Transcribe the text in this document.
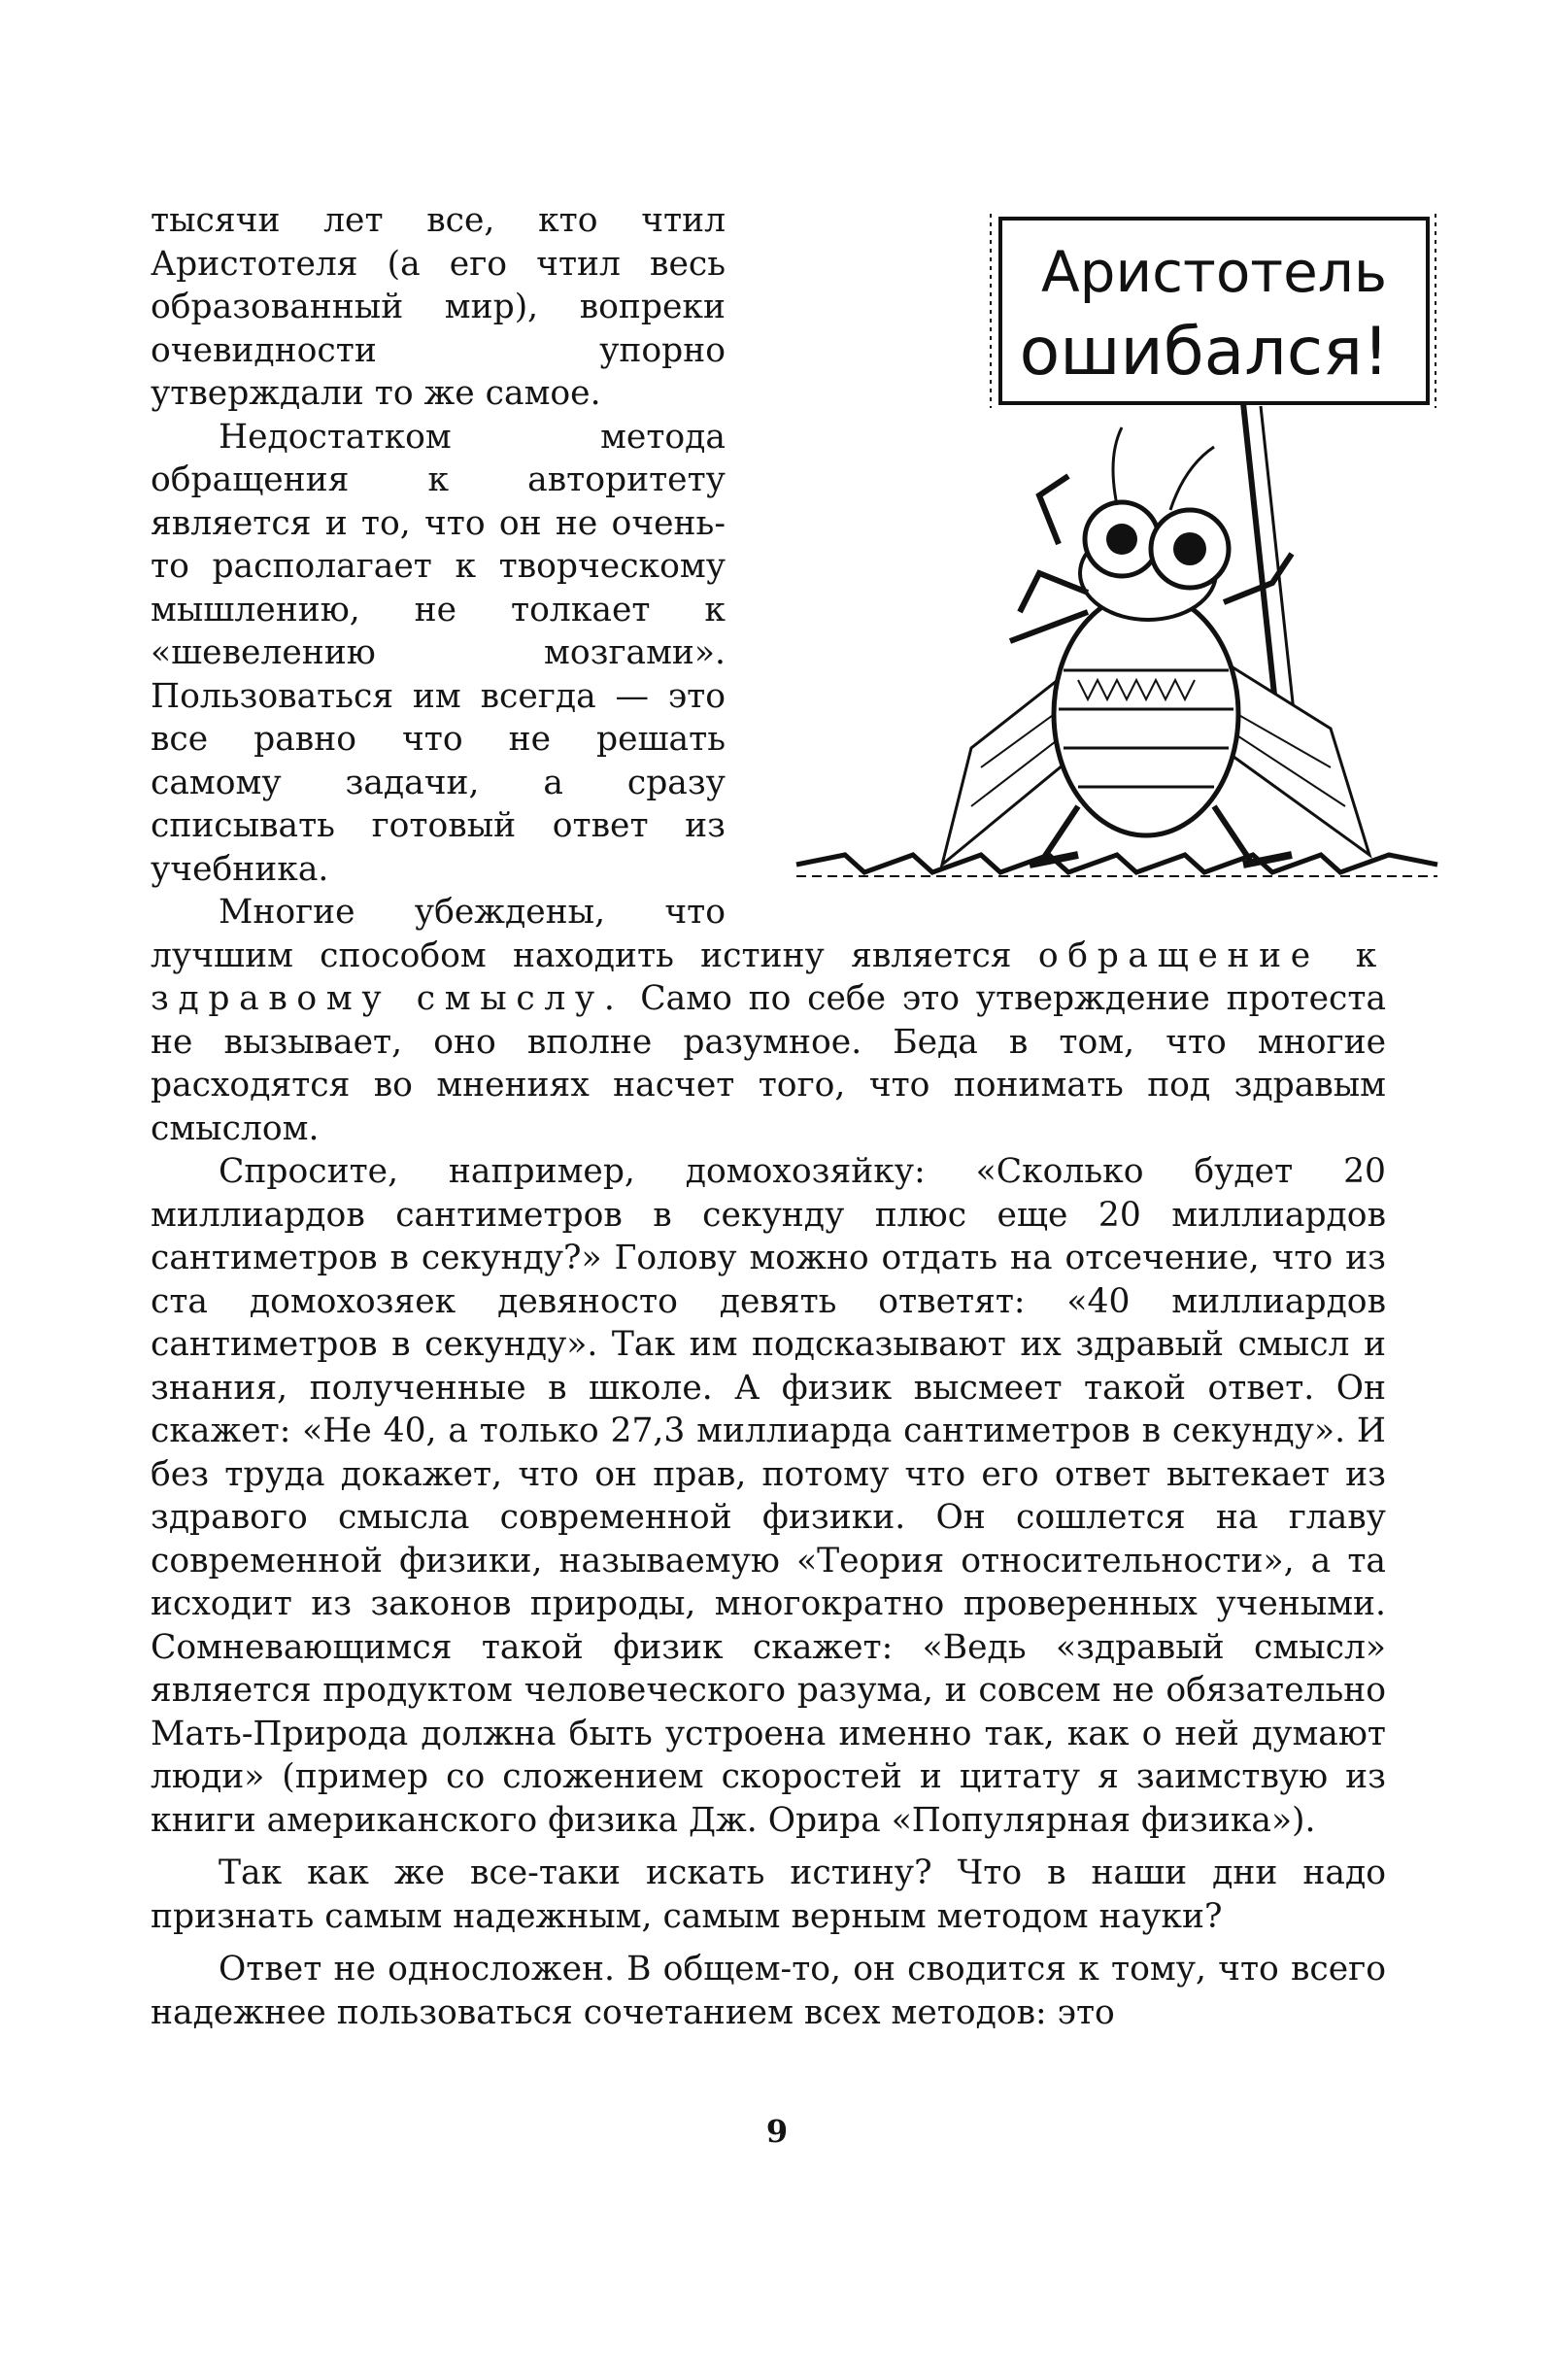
тысячи лет все, кто чтил Аристотеля (а его чтил весь образованный мир), вопреки очевидности упорно утверждали то же самое.

Недостатком метода обращения к авторитету является и то, что он не очень-то располагает к творческому мышлению, не толкает к «шевелению мозгами». Пользоваться им всегда — это все равно что не решать самому задачи, а сразу списывать готовый ответ из учебника.

Многие убеждены, что лучшим способом находить истину является обращение к здравому смыслу. Само по себе это утверждение протеста не вызывает, оно вполне разумное. Беда в том, что многие расходятся во мнениях насчет того, что понимать под здравым смыслом.

Спросите, например, домохозяйку: «Сколько будет 20 миллиардов сантиметров в секунду плюс еще 20 миллиардов сантиметров в секунду?» Голову можно отдать на отсечение, что из ста домохозяек девяносто девять ответят: «40 миллиардов сантиметров в секунду». Так им подсказывают их здравый смысл и знания, полученные в школе. А физик высмеет такой ответ. Он скажет: «Не 40, а только 27,3 миллиарда сантиметров в секунду». И без труда докажет, что он прав, потому что его ответ вытекает из здравого смысла современной физики. Он сошлется на главу современной физики, называемую «Теория относительности», а та исходит из законов природы, многократно проверенных учеными. Сомневающимся такой физик скажет: «Ведь «здравый смысл» является продуктом человеческого разума, и совсем не обязательно Мать-Природа должна быть устроена именно так, как о ней думают люди» (пример со сложением скоростей и цитату я заимствую из книги американского физика Дж. Орира «Популярная физика»).

Так как же все-таки искать истину? Что в наши дни надо признать самым надежным, самым верным методом науки?

Ответ не односложен. В общем-то, он сводится к тому, что всего надежнее пользоваться сочетанием всех методов: это

Аристотель
ошибался!
9
